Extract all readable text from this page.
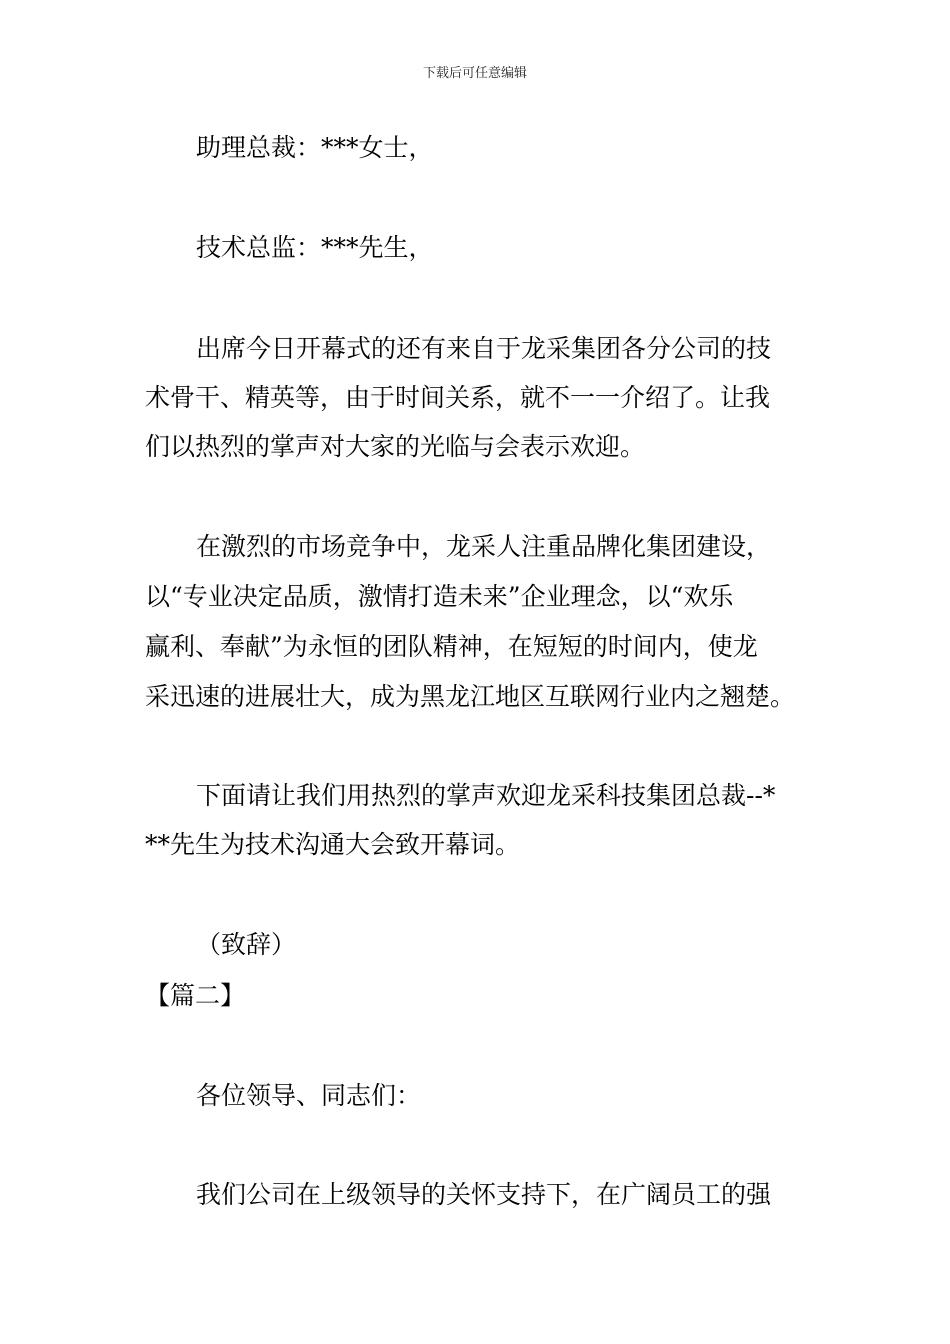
下载后可任意编辑
助理总裁：***女士，
技术总监：***先生，
出席今日开幕式的还有来自于龙采集团各分公司的技
术骨干、精英等，由于时间关系，就不一一介绍了。让我
们以热烈的掌声对大家的光临与会表示欢迎。
在激烈的市场竞争中，龙采人注重品牌化集团建设，
以“专业决定品质，激情打造未来”企业理念，以“欢乐
赢利、奉献”为永恒的团队精神，在短短的时间内，使龙
采迅速的进展壮大，成为黑龙江地区互联网行业内之翘楚。
下面请让我们用热烈的掌声欢迎龙采科技集团总裁--*
**先生为技术沟通大会致开幕词。
（致辞）
【篇二】
各位领导、同志们：
我们公司在上级领导的关怀支持下，在广阔员工的强
